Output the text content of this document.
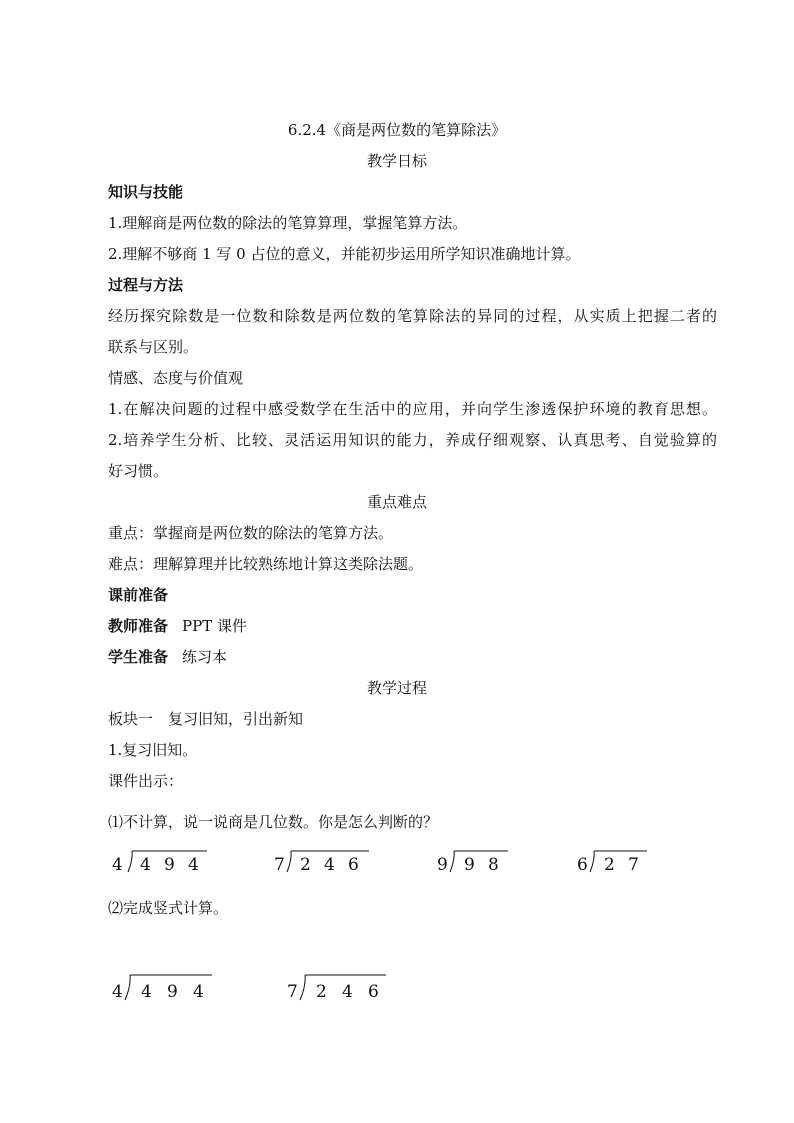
6.2.4《商是两位数的笔算除法》
教学日标
知识与技能
1.理解商是两位数的除法的笔算算理，掌握笔算方法。
2.理解不够商 1 写 0 占位的意义，并能初步运用所学知识准确地计算。
过程与方法
经历探究除数是一位数和除数是两位数的笔算除法的异同的过程，从实质上把握二者的
联系与区别。
情感、态度与价值观
1.在解决问题的过程中感受数学在生活中的应用，并向学生渗透保护环境的教育思想。
2.培养学生分析、比较、灵活运用知识的能力，养成仔细观察、认真思考、自觉验算的
好习惯。
重点难点
重点：掌握商是两位数的除法的笔算方法。
难点：理解算理并比较熟练地计算这类除法题。
课前准备
教师准备 PPT 课件
学生准备 练习本
教学过程
板块一　复习旧知，引出新知
1.复习旧知。
课件出示：
⑴不计算，说一说商是几位数。你是怎么判断的？
4 4 9 4	7 2 4 6	9 9 8	6 2 7
⑵完成竖式计算。
4 4 9 4	7 2 4 6
